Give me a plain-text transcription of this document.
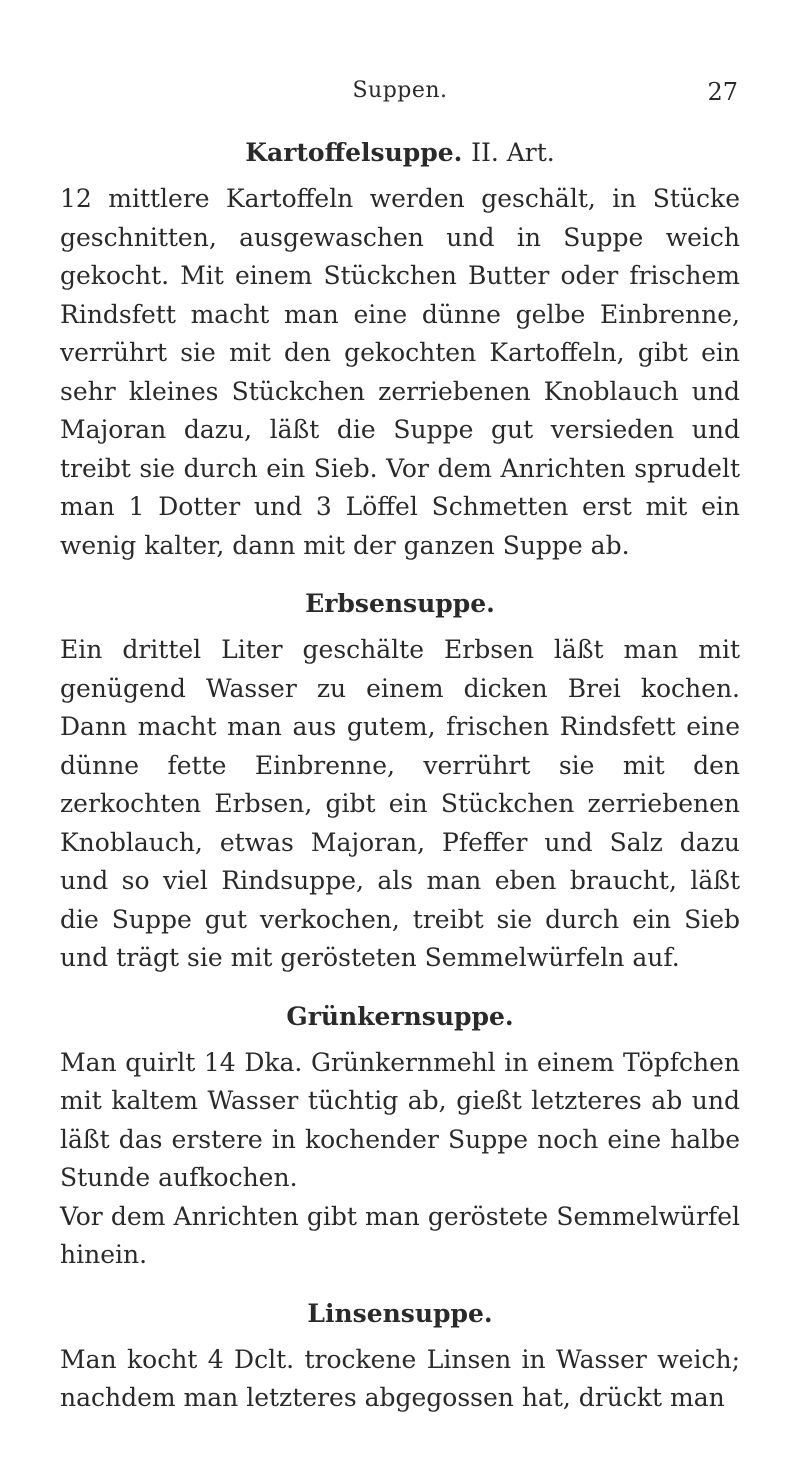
Suppen.	27
Kartoffelsuppe. II. Art.

12 mittlere Kartoffeln werden geschält, in Stücke geschnitten, ausgewaschen und in Suppe weich gekocht. Mit einem Stückchen Butter oder frischem Rindsfett macht man eine dünne gelbe Einbrenne, verrührt sie mit den gekochten Kartoffeln, gibt ein sehr kleines Stückchen zerriebenen Knoblauch und Majoran dazu, läßt die Suppe gut versieden und treibt sie durch ein Sieb. Vor dem Anrichten sprudelt man 1 Dotter und 3 Löffel Schmetten erst mit ein wenig kalter, dann mit der ganzen Suppe ab.

Erbsensuppe.

Ein drittel Liter geschälte Erbsen läßt man mit genügend Wasser zu einem dicken Brei kochen. Dann macht man aus gutem, frischen Rindsfett eine dünne fette Einbrenne, verrührt sie mit den zerkochten Erbsen, gibt ein Stückchen zerriebenen Knoblauch, etwas Majoran, Pfeffer und Salz dazu und so viel Rindsuppe, als man eben braucht, läßt die Suppe gut verkochen, treibt sie durch ein Sieb und trägt sie mit gerösteten Semmelwürfeln auf.

Grünkernsuppe.

Man quirlt 14 Dka. Grünkernmehl in einem Töpfchen mit kaltem Wasser tüchtig ab, gießt letzteres ab und läßt das erstere in kochender Suppe noch eine halbe Stunde aufkochen.

Vor dem Anrichten gibt man geröstete Semmelwürfel hinein.

Linsensuppe.

Man kocht 4 Dclt. trockene Linsen in Wasser weich; nachdem man letzteres abgegossen hat, drückt man
